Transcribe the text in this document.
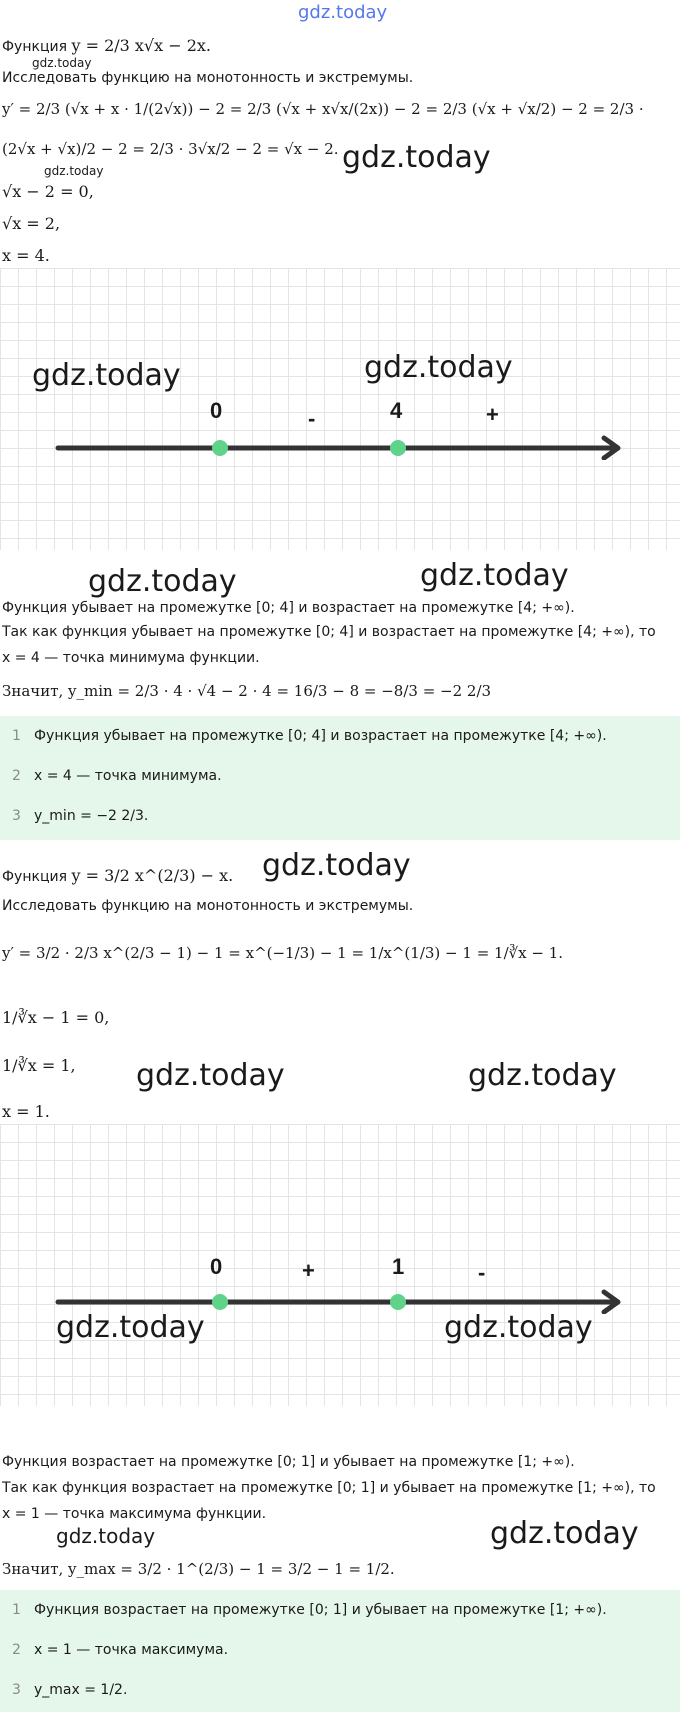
gdz.today
Функция y = 2/3 x√x − 2x.
gdz.today
Исследовать функцию на монотонность и экстремумы.
y′ = 2/3 (√x + x · 1/(2√x)) − 2 = 2/3 (√x + x√x/(2x)) − 2 = 2/3 (√x + √x/2) − 2 = 2/3 ·
(2√x + √x)/2 − 2 = 2/3 · 3√x/2 − 2 = √x − 2.
gdz.today	gdz.today
√x − 2 = 0,
√x = 2,
x = 4.
gdz.today	gdz.today
0	4
-	+
gdz.today	gdz.today
Функция убывает на промежутке [0; 4] и возрастает на промежутке [4; +∞).
Так как функция убывает на промежутке [0; 4] и возрастает на промежутке [4; +∞), то
x = 4 — точка минимума функции.
Значит, y_min = 2/3 · 4 · √4 − 2 · 4 = 16/3 − 8 = −8/3 = −2 2/3
1 Функция убывает на промежутке [0; 4] и возрастает на промежутке [4; +∞).
2 x = 4 — точка минимума.
3 y_min = −2 2/3.
Функция y = 3/2 x^(2/3) − x. gdz.today
Исследовать функцию на монотонность и экстремумы.
y′ = 3/2 · 2/3 x^(2/3 − 1) − 1 = x^(−1/3) − 1 = 1/x^(1/3) − 1 = 1/∛x − 1.
1/∛x − 1 = 0,
1/∛x = 1, gdz.today	gdz.today
x = 1.
0	1
+	-
gdz.today	gdz.today
Функция возрастает на промежутке [0; 1] и убывает на промежутке [1; +∞).
Так как функция возрастает на промежутке [0; 1] и убывает на промежутке [1; +∞), то
x = 1 — точка максимума функции.
gdz.today	gdz.today
Значит, y_max = 3/2 · 1^(2/3) − 1 = 3/2 − 1 = 1/2.
1 Функция возрастает на промежутке [0; 1] и убывает на промежутке [1; +∞).
2 x = 1 — точка максимума.
3 y_max = 1/2.
